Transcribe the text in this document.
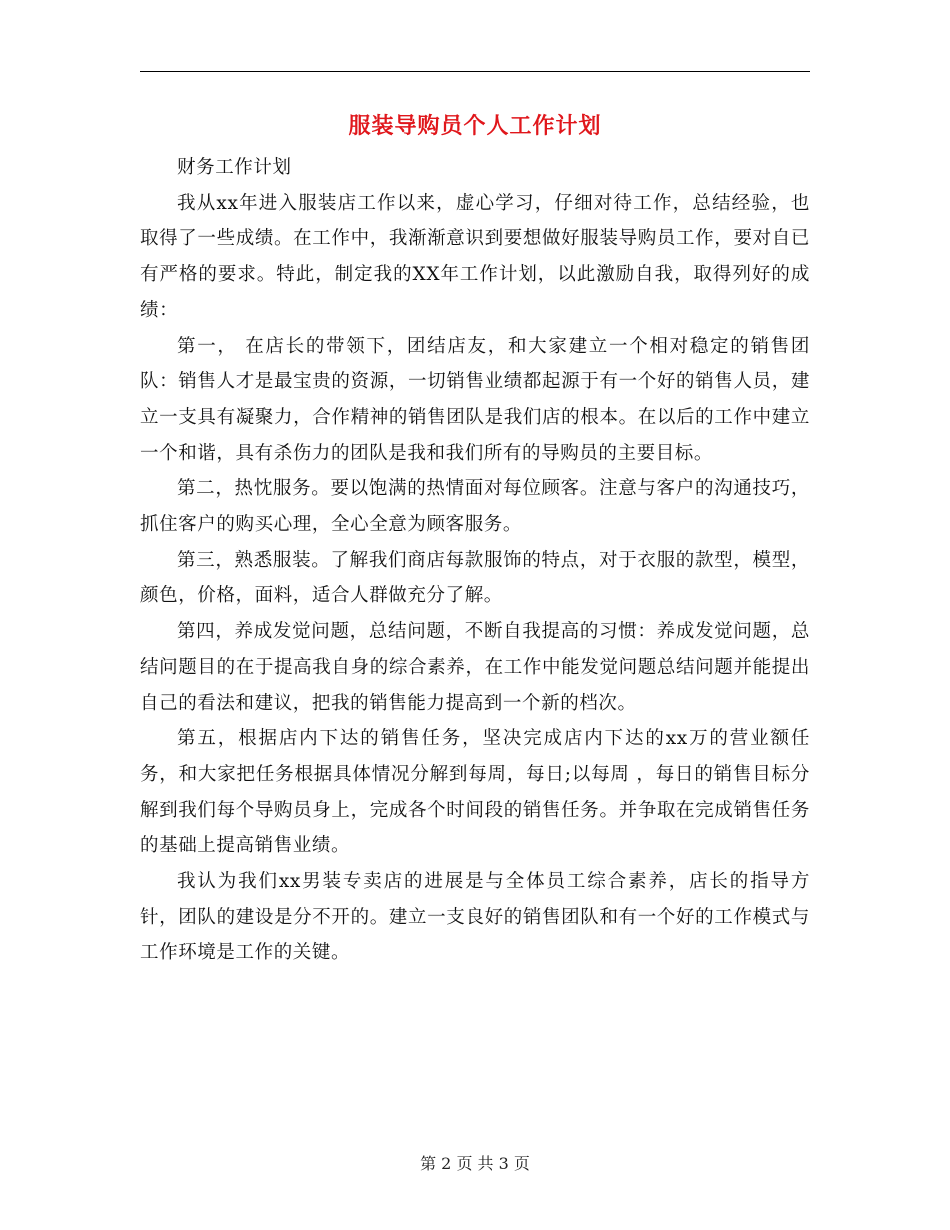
服装导购员个人工作计划

财务工作计划

我从xx年进入服装店工作以来，虚心学习，仔细对待工作，总结经验，也取得了一些成绩。在工作中，我渐渐意识到要想做好服装导购员工作，要对自已有严格的要求。特此，制定我的XX年工作计划，以此激励自我，取得列好的成绩：

第一， 在店长的带领下，团结店友，和大家建立一个相对稳定的销售团队：销售人才是最宝贵的资源，一切销售业绩都起源于有一个好的销售人员，建立一支具有凝聚力，合作精神的销售团队是我们店的根本。在以后的工作中建立一个和谐，具有杀伤力的团队是我和我们所有的导购员的主要目标。

第二，热忱服务。要以饱满的热情面对每位顾客。注意与客户的沟通技巧，抓住客户的购买心理，全心全意为顾客服务。

第三，熟悉服装。了解我们商店每款服饰的特点，对于衣服的款型，模型，颜色，价格，面料，适合人群做充分了解。

第四，养成发觉问题，总结问题，不断自我提高的习惯：养成发觉问题，总结问题目的在于提高我自身的综合素养，在工作中能发觉问题总结问题并能提出自己的看法和建议，把我的销售能力提高到一个新的档次。

第五，根据店内下达的销售任务，坚决完成店内下达的xx万的营业额任务，和大家把任务根据具体情况分解到每周，每日;以每周 ，每日的销售目标分解到我们每个导购员身上，完成各个时间段的销售任务。并争取在完成销售任务的基础上提高销售业绩。

我认为我们xx男装专卖店的进展是与全体员工综合素养，店长的指导方针，团队的建设是分不开的。建立一支良好的销售团队和有一个好的工作模式与工作环境是工作的关键。

第 2 页 共 3 页
